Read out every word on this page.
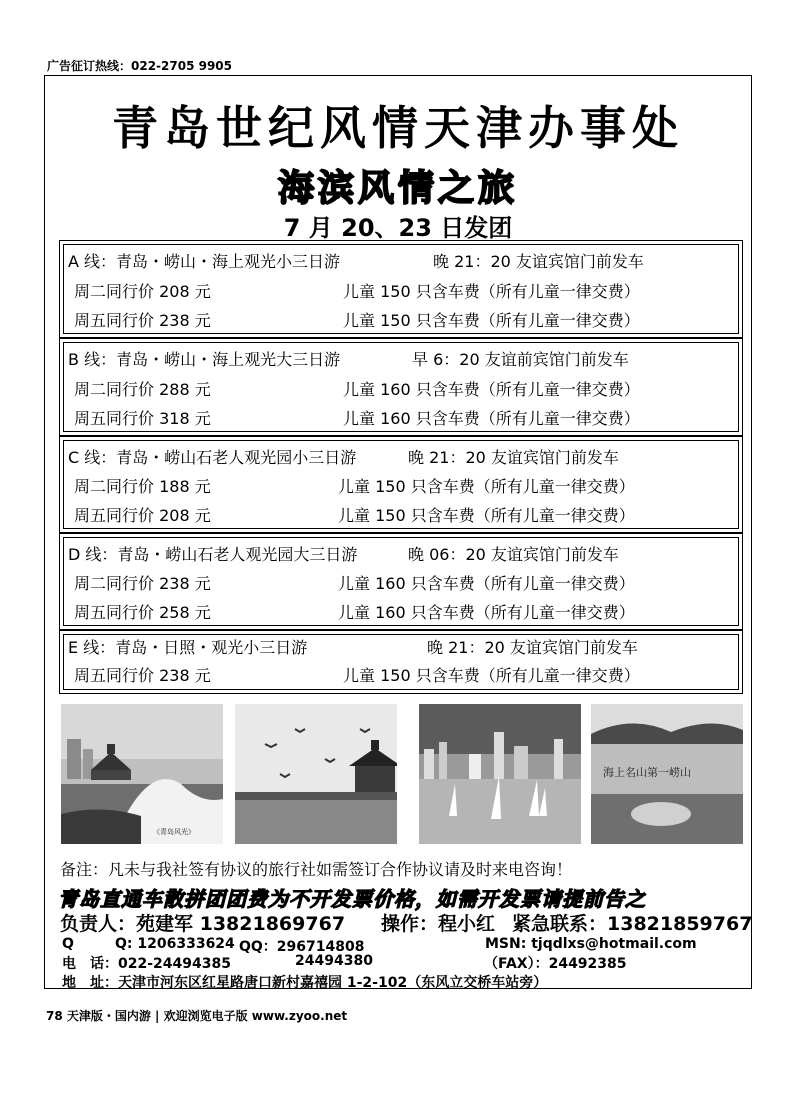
广告征订热线：022-2705 9905
青岛世纪风情天津办事处
海滨风情之旅
7 月 20、23 日发团
A 线：青岛・崂山・海上观光小三日游	晚 21：20 友谊宾馆门前发车
周二同行价 208 元	儿童 150 只含车费（所有儿童一律交费）
周五同行价 238 元	儿童 150 只含车费（所有儿童一律交费）
B 线：青岛・崂山・海上观光大三日游	早 6：20 友谊前宾馆门前发车
周二同行价 288 元	儿童 160 只含车费（所有儿童一律交费）
周五同行价 318 元	儿童 160 只含车费（所有儿童一律交费）
C 线：青岛・崂山石老人观光园小三日游	晚 21：20 友谊宾馆门前发车
周二同行价 188 元	儿童 150 只含车费（所有儿童一律交费）
周五同行价 208 元	儿童 150 只含车费（所有儿童一律交费）
D 线：青岛・崂山石老人观光园大三日游	晚 06：20 友谊宾馆门前发车
周二同行价 238 元	儿童 160 只含车费（所有儿童一律交费）
周五同行价 258 元	儿童 160 只含车费（所有儿童一律交费）
E 线：青岛・日照・观光小三日游	晚 21：20 友谊宾馆门前发车
周五同行价 238 元	儿童 150 只含车费（所有儿童一律交费）
《青岛风光》
海上名山第一崂山
备注：凡未与我社签有协议的旅行社如需签订合作协议请及时来电咨询！
青岛直通车散拼团团费为不开发票价格，如需开发票请提前告之
负责人：苑建军 13821869767 操作：程小红 紧急联系：13821859767
Q	Q: 1206333624 QQ：296714808	MSN: tjqdlxs@hotmail.com
电　话：022-24494385	24494380	（FAX）：24492385
地　址：天津市河东区红星路唐口新村嘉禧园 1-2-102（东风立交桥车站旁）
78 天津版・国内游 | 欢迎浏览电子版 www.zyoo.net
